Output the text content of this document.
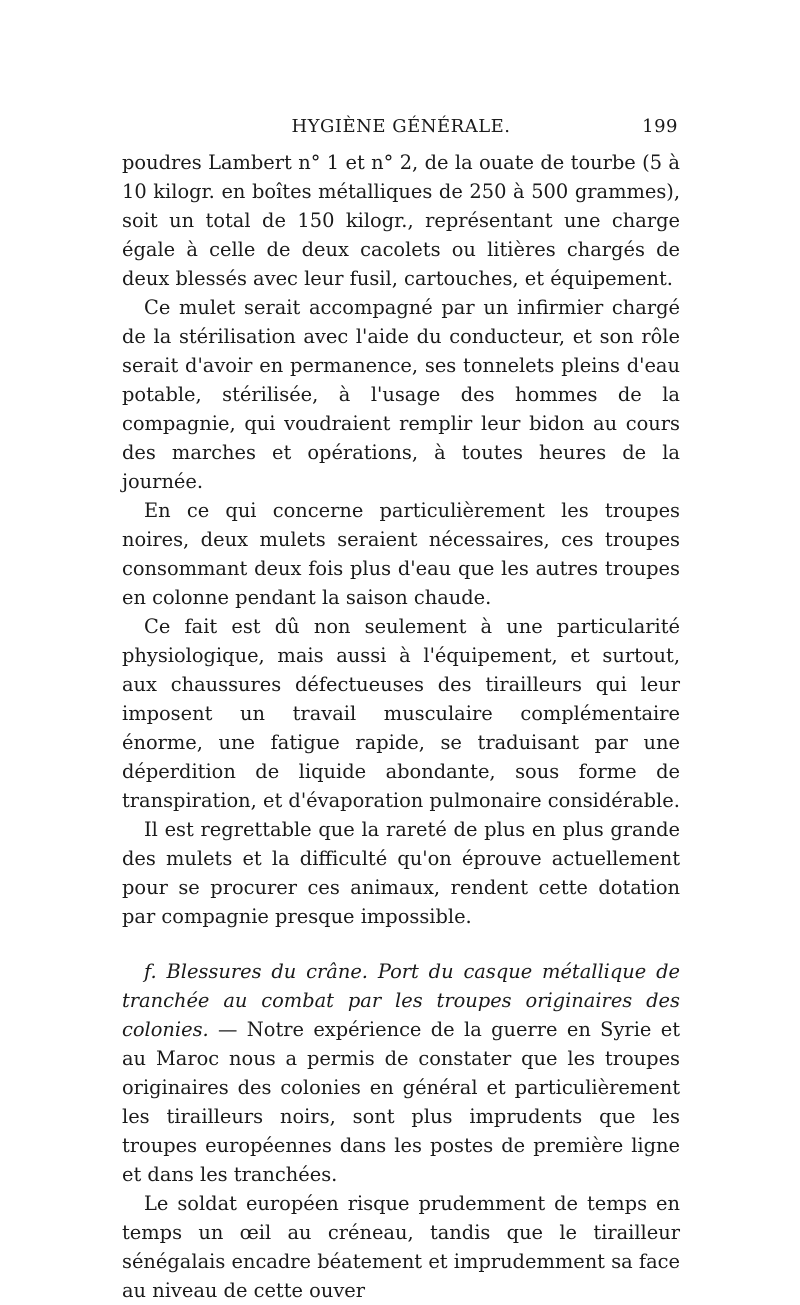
HYGIÈNE GÉNÉRALE.	199

poudres Lambert n° 1 et n° 2, de la ouate de tourbe (5 à 10 kilogr. en boîtes métalliques de 250 à 500 grammes), soit un total de 150 kilogr., représentant une charge égale à celle de deux cacolets ou litières chargés de deux blessés avec leur fusil, cartouches, et équipement.

Ce mulet serait accompagné par un infirmier chargé de la stérilisation avec l'aide du conducteur, et son rôle serait d'avoir en permanence, ses tonnelets pleins d'eau potable, stérilisée, à l'usage des hommes de la compagnie, qui voudraient remplir leur bidon au cours des marches et opérations, à toutes heures de la journée.

En ce qui concerne particulièrement les troupes noires, deux mulets seraient nécessaires, ces troupes consommant deux fois plus d'eau que les autres troupes en colonne pendant la saison chaude.

Ce fait est dû non seulement à une particularité physiologique, mais aussi à l'équipement, et surtout, aux chaussures défectueuses des tirailleurs qui leur imposent un travail musculaire complémentaire énorme, une fatigue rapide, se traduisant par une déperdition de liquide abondante, sous forme de transpiration, et d'évaporation pulmonaire considérable.

Il est regrettable que la rareté de plus en plus grande des mulets et la difficulté qu'on éprouve actuellement pour se procurer ces animaux, rendent cette dotation par compagnie presque impossible.

f. Blessures du crâne. Port du casque métallique de tranchée au combat par les troupes originaires des colonies. — Notre expérience de la guerre en Syrie et au Maroc nous a permis de constater que les troupes originaires des colonies en général et particulièrement les tirailleurs noirs, sont plus imprudents que les troupes européennes dans les postes de première ligne et dans les tranchées.

Le soldat européen risque prudemment de temps en temps un œil au créneau, tandis que le tirailleur sénégalais encadre béatement et imprudemment sa face au niveau de cette ouver
